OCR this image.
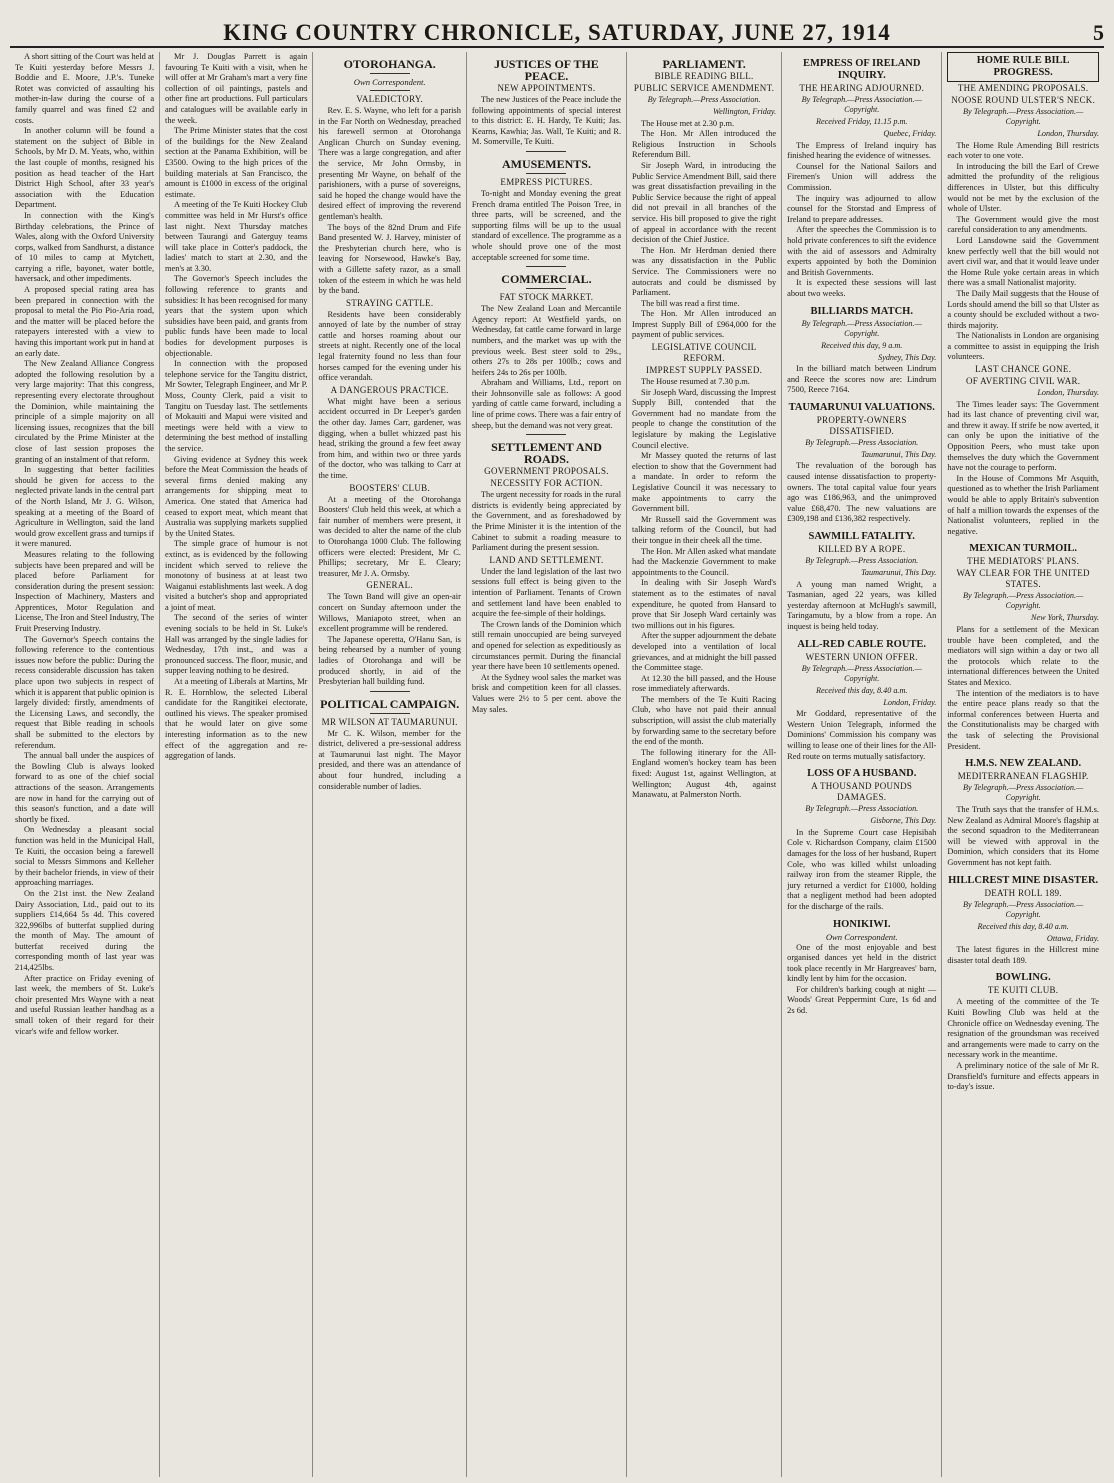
KING COUNTRY CHRONICLE, SATURDAY, JUNE 27, 1914	5

A short sitting of the Court was held at Te Kuiti yesterday before Messrs J. Boddie and E. Moore, J.P.'s. Tuneke Rotet was convicted of assaulting his mother-in-law during the course of a family quarrel and was fined £2 and costs.

In another column will be found a statement on the subject of Bible in Schools, by Mr D. M. Yeats, who, within the last couple of months, resigned his position as head teacher of the Hart District High School, after 33 year's association with the Education Department.

In connection with the King's Birthday celebrations, the Prince of Wales, along with the Oxford University corps, walked from Sandhurst, a distance of 10 miles to camp at Mytchett, carrying a rifle, bayonet, water bottle, haversack, and other impediments.

A proposed special rating area has been prepared in connection with the proposal to metal the Pio Pio-Aria road, and the matter will be placed before the ratepayers interested with a view to having this important work put in hand at an early date.

The New Zealand Alliance Congress adopted the following resolution by a very large majority: That this congress, representing every electorate throughout the Dominion, while maintaining the principle of a simple majority on all licensing issues, recognizes that the bill circulated by the Prime Minister at the close of last session proposes the granting of an instalment of that reform.

In suggesting that better facilities should be given for access to the neglected private lands in the central part of the North Island, Mr J. G. Wilson, speaking at a meeting of the Board of Agriculture in Wellington, said the land would grow excellent grass and turnips if it were manured.

Measures relating to the following subjects have been prepared and will be placed before Parliament for consideration during the present session: Inspection of Machinery, Masters and Apprentices, Motor Regulation and License, The Iron and Steel Industry, The Fruit Preserving Industry.

The Governor's Speech contains the following reference to the contentious issues now before the public: During the recess considerable discussion has taken place upon two subjects in respect of which it is apparent that public opinion is largely divided: firstly, amendments of the Licensing Laws, and secondly, the request that Bible reading in schools shall be submitted to the electors by referendum.

The annual ball under the auspices of the Bowling Club is always looked forward to as one of the chief social attractions of the season. Arrangements are now in hand for the carrying out of this season's function, and a date will shortly be fixed.

On Wednesday a pleasant social function was held in the Municipal Hall, Te Kuiti, the occasion being a farewell social to Messrs Simmons and Kelleher by their bachelor friends, in view of their approaching marriages.

On the 21st inst. the New Zealand Dairy Association, Ltd., paid out to its suppliers £14,664 5s 4d. This covered 322,996lbs of butterfat supplied during the month of May. The amount of butterfat received during the corresponding month of last year was 214,425lbs.

After practice on Friday evening of last week, the members of St. Luke's choir presented Mrs Wayne with a neat and useful Russian leather handbag as a small token of their regard for their vicar's wife and fellow worker.

Mr J. Douglas Parrett is again favouring Te Kuiti with a visit, when he will offer at Mr Graham's mart a very fine collection of oil paintings, pastels and other fine art productions. Full particulars and catalogues will be available early in the week.

The Prime Minister states that the cost of the buildings for the New Zealand section at the Panama Exhibition, will be £3500. Owing to the high prices of the building materials at San Francisco, the amount is £1000 in excess of the original estimate.

A meeting of the Te Kuiti Hockey Club committee was held in Mr Hurst's office last night. Next Thursday matches between Taurangi and Gaterguy teams will take place in Cotter's paddock, the ladies' match to start at 2.30, and the men's at 3.30.

The Governor's Speech includes the following reference to grants and subsidies: It has been recognised for many years that the system upon which subsidies have been paid, and grants from public funds have been made to local bodies for development purposes is objectionable.

In connection with the proposed telephone service for the Tangitu district, Mr Sowter, Telegraph Engineer, and Mr P. Moss, County Clerk, paid a visit to Tangitu on Tuesday last. The settlements of Mokauiti and Mapui were visited and meetings were held with a view to determining the best method of installing the service.

Giving evidence at Sydney this week before the Meat Commission the heads of several firms denied making any arrangements for shipping meat to America. One stated that America had ceased to export meat, which meant that Australia was supplying markets supplied by the United States.

The simple grace of humour is not extinct, as is evidenced by the following incident which served to relieve the monotony of business at at least two Waiganui establishments last week. A dog visited a butcher's shop and appropriated a joint of meat.

The second of the series of winter evening socials to be held in St. Luke's Hall was arranged by the single ladies for Wednesday, 17th inst., and was a pronounced success. The floor, music, and supper leaving nothing to be desired.

At a meeting of Liberals at Martins, Mr R. E. Hornblow, the selected Liberal candidate for the Rangitikei electorate, outlined his views. The speaker promised that he would later on give some interesting information as to the new effect of the aggregation and re-aggregation of lands.

OTOROHANGA.
Own Correspondent.
VALEDICTORY.

Rev. E. S. Wayne, who left for a parish in the Far North on Wednesday, preached his farewell sermon at Otorohanga Anglican Church on Sunday evening. There was a large congregation, and after the service, Mr John Ormsby, in presenting Mr Wayne, on behalf of the parishioners, with a purse of sovereigns, said he hoped the change would have the desired effect of improving the reverend gentleman's health.

The boys of the 82nd Drum and Fife Band presented W. J. Harvey, minister of the Presbyterian church here, who is leaving for Norsewood, Hawke's Bay, with a Gillette safety razor, as a small token of the esteem in which he was held by the band.

STRAYING CATTLE.

Residents have been considerably annoyed of late by the number of stray cattle and horses roaming about our streets at night. Recently one of the local legal fraternity found no less than four horses camped for the evening under his office verandah.

A DANGEROUS PRACTICE.

What might have been a serious accident occurred in Dr Leeper's garden the other day. James Carr, gardener, was digging, when a bullet whizzed past his head, striking the ground a few feet away from him, and within two or three yards of the doctor, who was talking to Carr at the time.

BOOSTERS' CLUB.

At a meeting of the Otorohanga Boosters' Club held this week, at which a fair number of members were present, it was decided to alter the name of the club to Otorohanga 1000 Club. The following officers were elected: President, Mr C. Phillips; secretary, Mr E. Cleary; treasurer, Mr J. A. Ormsby.

GENERAL.

The Town Band will give an open-air concert on Sunday afternoon under the Willows, Maniapoto street, when an excellent programme will be rendered.

The Japanese operetta, O'Hanu San, is being rehearsed by a number of young ladies of Otorohanga and will be produced shortly, in aid of the Presbyterian hall building fund.

POLITICAL CAMPAIGN.
MR WILSON AT TAUMARUNUI.

Mr C. K. Wilson, member for the district, delivered a pre-sessional address at Taumarunui last night. The Mayor presided, and there was an attendance of about four hundred, including a considerable number of ladies.

JUSTICES OF THE PEACE.
NEW APPOINTMENTS.

The new Justices of the Peace include the following appointments of special interest to this district: E. H. Hardy, Te Kuiti; Jas. Kearns, Kawhia; Jas. Wall, Te Kuiti; and R. M. Somerville, Te Kuiti.

AMUSEMENTS.
EMPRESS PICTURES.

To-night and Monday evening the great French drama entitled The Poison Tree, in three parts, will be screened, and the supporting films will be up to the usual standard of excellence. The programme as a whole should prove one of the most acceptable screened for some time.

COMMERCIAL.
FAT STOCK MARKET.

The New Zealand Loan and Mercantile Agency report: At Westfield yards, on Wednesday, fat cattle came forward in large numbers, and the market was up with the previous week. Best steer sold to 29s., others 27s to 28s per 100lb.; cows and heifers 24s to 26s per 100lb.

Abraham and Williams, Ltd., report on their Johnsonville sale as follows: A good yarding of cattle came forward, including a line of prime cows. There was a fair entry of sheep, but the demand was not very great.

SETTLEMENT AND ROADS.
GOVERNMENT PROPOSALS.
NECESSITY FOR ACTION.

The urgent necessity for roads in the rural districts is evidently being appreciated by the Government, and as foreshadowed by the Prime Minister it is the intention of the Cabinet to submit a roading measure to Parliament during the present session.

LAND AND SETTLEMENT.

Under the land legislation of the last two sessions full effect is being given to the intention of Parliament. Tenants of Crown and settlement land have been enabled to acquire the fee-simple of their holdings.

The Crown lands of the Dominion which still remain unoccupied are being surveyed and opened for selection as expeditiously as circumstances permit. During the financial year there have been 10 settlements opened.

At the Sydney wool sales the market was brisk and competition keen for all classes. Values were 2½ to 5 per cent. above the May sales.

PARLIAMENT.
BIBLE READING BILL.
PUBLIC SERVICE AMENDMENT.
By Telegraph.—Press Association.
Wellington, Friday.

The House met at 2.30 p.m.

The Hon. Mr Allen introduced the Religious Instruction in Schools Referendum Bill.

Sir Joseph Ward, in introducing the Public Service Amendment Bill, said there was great dissatisfaction prevailing in the Public Service because the right of appeal did not prevail in all branches of the service. His bill proposed to give the right of appeal in accordance with the recent decision of the Chief Justice.

The Hon. Mr Herdman denied there was any dissatisfaction in the Public Service. The Commissioners were no autocrats and could be dismissed by Parliament.

The bill was read a first time.

The Hon. Mr Allen introduced an Imprest Supply Bill of £964,000 for the payment of public services.

LEGISLATIVE COUNCIL REFORM.
IMPREST SUPPLY PASSED.

The House resumed at 7.30 p.m.

Sir Joseph Ward, discussing the Imprest Supply Bill, contended that the Government had no mandate from the people to change the constitution of the legislature by making the Legislative Council elective.

Mr Massey quoted the returns of last election to show that the Government had a mandate. In order to reform the Legislative Council it was necessary to make appointments to carry the Government bill.

Mr Russell said the Government was talking reform of the Council, but had their tongue in their cheek all the time.

The Hon. Mr Allen asked what mandate had the Mackenzie Government to make appointments to the Council.

In dealing with Sir Joseph Ward's statement as to the estimates of naval expenditure, he quoted from Hansard to prove that Sir Joseph Ward certainly was two millions out in his figures.

After the supper adjournment the debate developed into a ventilation of local grievances, and at midnight the bill passed the Committee stage.

At 12.30 the bill passed, and the House rose immediately afterwards.

The members of the Te Kuiti Racing Club, who have not paid their annual subscription, will assist the club materially by forwarding same to the secretary before the end of the month.

The following itinerary for the All-England women's hockey team has been fixed: August 1st, against Wellington, at Wellington; August 4th, against Manawatu, at Palmerston North.

EMPRESS OF IRELAND INQUIRY.
THE HEARING ADJOURNED.
By Telegraph.—Press Association.—Copyright.
Received Friday, 11.15 p.m.
Quebec, Friday.

The Empress of Ireland inquiry has finished hearing the evidence of witnesses.

Counsel for the National Sailors and Firemen's Union will address the Commission.

The inquiry was adjourned to allow counsel for the Storstad and Empress of Ireland to prepare addresses.

After the speeches the Commission is to hold private conferences to sift the evidence with the aid of assessors and Admiralty experts appointed by both the Dominion and British Governments.

It is expected these sessions will last about two weeks.

BILLIARDS MATCH.
By Telegraph.—Press Association.—Copyright.
Received this day, 9 a.m.
Sydney, This Day.

In the billiard match between Lindrum and Reece the scores now are: Lindrum 7500, Reece 7164.

TAUMARUNUI VALUATIONS.
PROPERTY-OWNERS DISSATISFIED.
By Telegraph.—Press Association.
Taumarunui, This Day.

The revaluation of the borough has caused intense dissatisfaction to property-owners. The total capital value four years ago was £186,963, and the unimproved value £68,470. The new valuations are £309,198 and £136,382 respectively.

SAWMILL FATALITY.
KILLED BY A ROPE.
By Telegraph.—Press Association.
Taumarunui, This Day.

A young man named Wright, a Tasmanian, aged 22 years, was killed yesterday afternoon at McHugh's sawmill, Taringamutu, by a blow from a rope. An inquest is being held today.

ALL-RED CABLE ROUTE.
WESTERN UNION OFFER.
By Telegraph.—Press Association.—Copyright.
Received this day, 8.40 a.m.
London, Friday.

Mr Goddard, representative of the Western Union Telegraph, informed the Dominions' Commission his company was willing to lease one of their lines for the All-Red route on terms mutually satisfactory.

LOSS OF A HUSBAND.
A THOUSAND POUNDS DAMAGES.
By Telegraph.—Press Association.
Gisborne, This Day.

In the Supreme Court case Hepisibah Cole v. Richardson Company, claim £1500 damages for the loss of her husband, Rupert Cole, who was killed whilst unloading railway iron from the steamer Ripple, the jury returned a verdict for £1000, holding that a negligent method had been adopted for the discharge of the rails.

HONIKIWI.
Own Correspondent.

One of the most enjoyable and best organised dances yet held in the district took place recently in Mr Hargreaves' barn, kindly lent by him for the occasion.

For children's barking cough at night — Woods' Great Peppermint Cure, 1s 6d and 2s 6d.

HOME RULE BILL PROGRESS.
THE AMENDING PROPOSALS.
NOOSE ROUND ULSTER'S NECK.
By Telegraph.—Press Association.—Copyright.
London, Thursday.

The Home Rule Amending Bill restricts each voter to one vote.

In introducing the bill the Earl of Crewe admitted the profundity of the religious differences in Ulster, but this difficulty would not be met by the exclusion of the whole of Ulster.

The Government would give the most careful consideration to any amendments.

Lord Lansdowne said the Government knew perfectly well that the bill would not avert civil war, and that it would leave under the Home Rule yoke certain areas in which there was a small Nationalist majority.

The Daily Mail suggests that the House of Lords should amend the bill so that Ulster as a county should be excluded without a two-thirds majority.

The Nationalists in London are organising a committee to assist in equipping the Irish volunteers.

LAST CHANCE GONE.
OF AVERTING CIVIL WAR.
London, Thursday.

The Times leader says: The Government had its last chance of preventing civil war, and threw it away. If strife be now averted, it can only be upon the initiative of the Opposition Peers, who must take upon themselves the duty which the Government have not the courage to perform.

In the House of Commons Mr Asquith, questioned as to whether the Irish Parliament would be able to apply Britain's subvention of half a million towards the expenses of the Nationalist volunteers, replied in the negative.

MEXICAN TURMOIL.
THE MEDIATORS' PLANS.
WAY CLEAR FOR THE UNITED STATES.
By Telegraph.—Press Association.—Copyright.
New York, Thursday.

Plans for a settlement of the Mexican trouble have been completed, and the mediators will sign within a day or two all the protocols which relate to the international differences between the United States and Mexico.

The intention of the mediators is to have the entire peace plans ready so that the informal conferences between Huerta and the Constitutionalists may be charged with the task of selecting the Provisional President.

H.M.S. NEW ZEALAND.
MEDITERRANEAN FLAGSHIP.
By Telegraph.—Press Association.—Copyright.

The Truth says that the transfer of H.M.s. New Zealand as Admiral Moore's flagship at the second squadron to the Mediterranean will be viewed with approval in the Dominion, which considers that its Home Government has not kept faith.

HILLCREST MINE DISASTER.
DEATH ROLL 189.
By Telegraph.—Press Association.—Copyright.
Received this day, 8.40 a.m.
Ottawa, Friday.

The latest figures in the Hillcrest mine disaster total death 189.

BOWLING.
TE KUITI CLUB.

A meeting of the committee of the Te Kuiti Bowling Club was held at the Chronicle office on Wednesday evening. The resignation of the groundsman was received and arrangements were made to carry on the necessary work in the meantime.

A preliminary notice of the sale of Mr R. Dransfield's furniture and effects appears in to-day's issue.
